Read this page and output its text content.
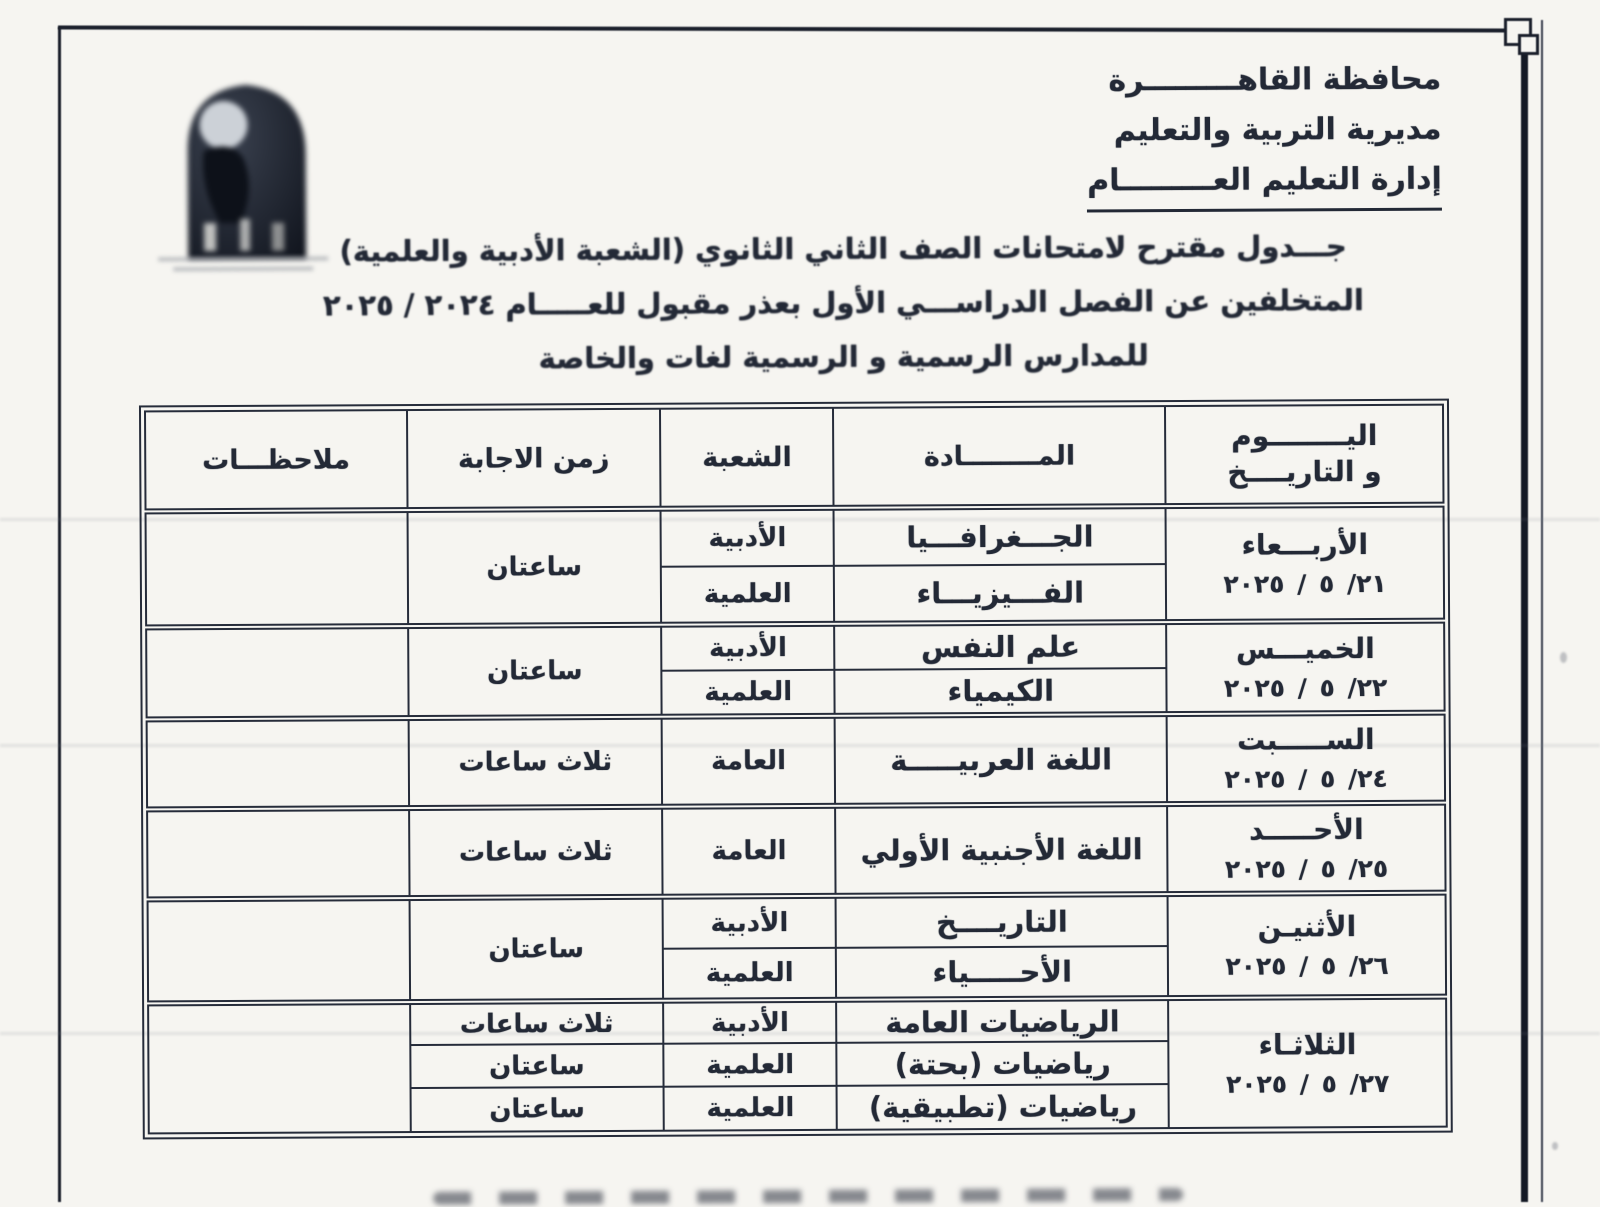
محافظة القاهـــــــــرة
مديرية التربية والتعليم
إدارة التعليم العـــــــــام
جـــدول مقترح لامتحانات الصف الثاني الثانوي (الشعبة الأدبية والعلمية)
المتخلفين عن الفصل الدراســـي الأول بعذر مقبول للعـــــام ٢٠٢٤ / ٢٠٢٥
للمدارس الرسمية و الرسمية لغات والخاصة
اليــــــــوم
و التاريــــخ	المــــــــادة	الشعبة	زمن الاجابة	ملاحظـــات

الأربـــعاء
٢١/ ٥ / ٢٠٢٥	الجـــغرافـــيا	الأدبية	ساعتان	
	الفـــيزيـــاء	العلمية		

الخميـــس
٢٢/ ٥ / ٢٠٢٥	علم النفس	الأدبية	ساعتان	
	الكيمياء	العلمية		

الســـــبت
٢٤/ ٥ / ٢٠٢٥	اللغة العربيـــــة	العامة	ثلاث ساعات	

الأحـــــد
٢٥/ ٥ / ٢٠٢٥	اللغة الأجنبية الأولي	العامة	ثلاث ساعات	

الأثنيـن
٢٦/ ٥ / ٢٠٢٥	التاريــــخ	الأدبية	ساعتان	
	الأحـــــياء	العلمية		

الثلاثـاء
٢٧/ ٥ / ٢٠٢٥	الرياضيات العامة	الأدبية	ثلاث ساعات	
	رياضيات (بحتة)	العلمية	ساعتان	
	رياضيات (تطبيقية)	العلمية	ساعتان	
